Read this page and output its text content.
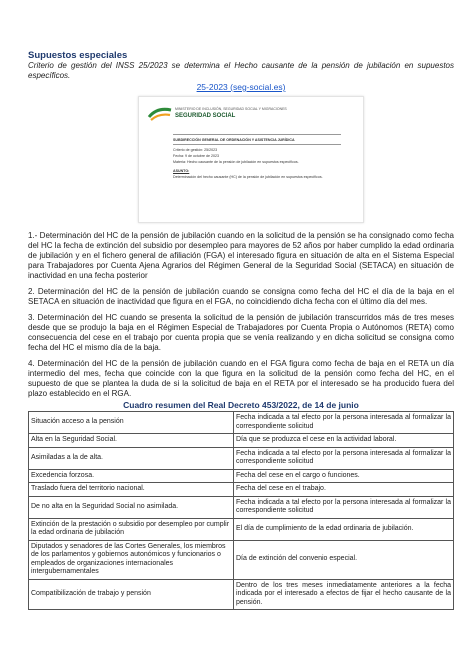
Supuestos especiales
Criterio de gestión del INSS 25/2023 se determina el Hecho causante de la pensión de jubilación en supuestos específicos.
25-2023 (seg-social.es)
MINISTERIO DE INCLUSIÓN, SEGURIDAD SOCIAL Y MIGRACIONES
SEGURIDAD SOCIAL
SUBDIRECCIÓN GENERAL DE ORDENACIÓN Y ASISTENCIA JURÍDICA
Criterio de gestión: 25/2023
Fecha: 9 de octubre de 2023
Materia: Hecho causante de la pensión de jubilación en supuestos específicos.
ASUNTO:
Determinación del hecho causante (HC) de la pensión de jubilación en supuestos específicos.

1.- Determinación del HC de la pensión de jubilación cuando en la solicitud de la pensión se ha consignado como fecha del HC la fecha de extinción del subsidio por desempleo para mayores de 52 años por haber cumplido la edad ordinaria de jubilación y en el fichero general de afiliación (FGA) el interesado figura en situación de alta en el Sistema Especial para Trabajadores por Cuenta Ajena Agrarios del Régimen General de la Seguridad Social (SETACA) en situación de inactividad en una fecha posterior

2. Determinación del HC de la pensión de jubilación cuando se consigna como fecha del HC el día de la baja en el SETACA en situación de inactividad que figura en el FGA, no coincidiendo dicha fecha con el último día del mes.

3. Determinación del HC cuando se presenta la solicitud de la pensión de jubilación transcurridos más de tres meses desde que se produjo la baja en el Régimen Especial de Trabajadores por Cuenta Propia o Autónomos (RETA) como consecuencia del cese en el trabajo por cuenta propia que se venía realizando y en dicha solicitud se consigna como fecha del HC el mismo día de la baja.

4. Determinación del HC de la pensión de jubilación cuando en el FGA figura como fecha de baja en el RETA un día intermedio del mes, fecha que coincide con la que figura en la solicitud de la pensión como fecha del HC, en el supuesto de que se plantea la duda de si la solicitud de baja en el RETA por el interesado se ha producido fuera del plazo establecido en el RGA.

Cuadro resumen del Real Decreto 453/2022, de 14 de junio
Situación acceso a la pensión	Fecha indicada a tal efecto por la persona interesada al formalizar la correspondiente solicitud
Alta en la Seguridad Social.	Día que se produzca el cese en la actividad laboral.
Asimiladas a la de alta.	Fecha indicada a tal efecto por la persona interesada al formalizar la correspondiente solicitud
Excedencia forzosa.	Fecha del cese en el cargo o funciones.
Traslado fuera del territorio nacional.	Fecha del cese en el trabajo.
De no alta en la Seguridad Social no asimilada.	Fecha indicada a tal efecto por la persona interesada al formalizar la correspondiente solicitud
Extinción de la prestación o subsidio por desempleo por cumplir la edad ordinaria de jubilación	El día de cumplimiento de la edad ordinaria de jubilación.
Diputados y senadores de las Cortes Generales, los miembros de los parlamentos y gobiernos autonómicos y funcionarios o empleados de organizaciones internacionales intergubernamentales	Día de extinción del convenio especial.
Compatibilización de trabajo y pensión	Dentro de los tres meses inmediatamente anteriores a la fecha indicada por el interesado a efectos de fijar el hecho causante de la pensión.
